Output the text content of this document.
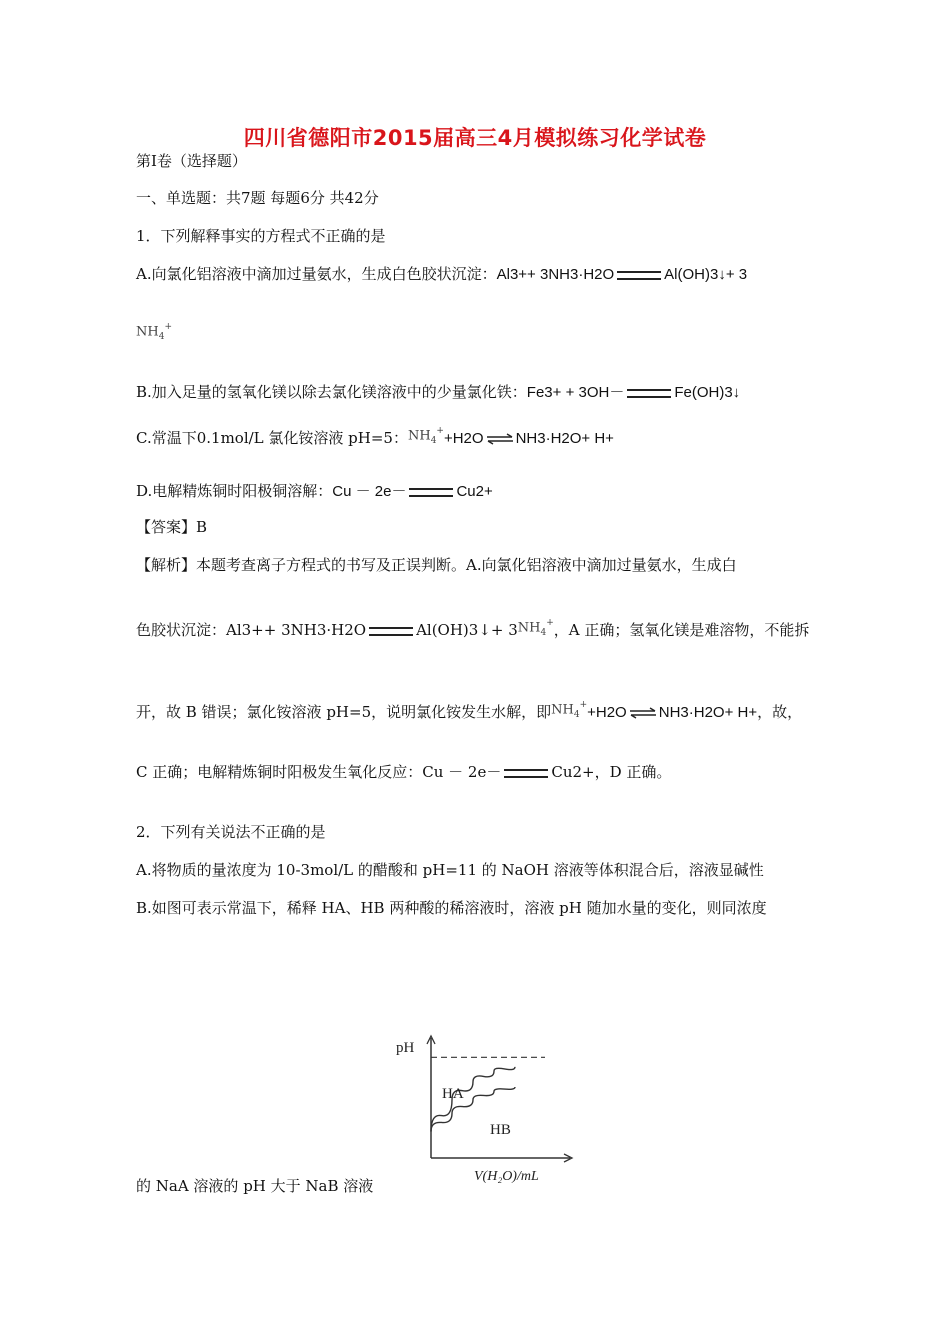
四川省德阳市2015届高三4月模拟练习化学试卷
第I卷（选择题）
一、单选题：共7题 每题6分 共42分
1．下列解释事实的方程式不正确的是
A.向氯化铝溶液中滴加过量氨水，生成白色胶状沉淀：Al3++ 3NH3·H2O	Al(OH)3↓+ 3
$NH_4^+$
B.加入足量的氢氧化镁以除去氯化镁溶液中的少量氯化铁：Fe3+ + 3OH－	Fe(OH)3↓
C.常温下0.1mol/L 氯化铵溶液 pH=5：$NH_4^++H2O$ ⇌ NH3·H2O+ H+
D.电解精炼铜时阳极铜溶解：Cu － 2e－	Cu2+
【答案】B
【解析】本题考查离子方程式的书写及正误判断。A.向氯化铝溶液中滴加过量氨水，生成白
色胶状沉淀：Al3++ 3NH3·H2O	Al(OH)3↓+ $3NH_4^+$，A 正确；氢氧化镁是难溶物，不能拆
开，故 B 错误；氯化铵溶液 pH=5，说明氯化铵发生水解，即$NH_4^++H2O$ ⇌ NH3·H2O+ H+，故，
C 正确；电解精炼铜时阳极发生氧化反应：Cu － 2e－	Cu2+，D 正确。
2．下列有关说法不正确的是
A.将物质的量浓度为 10-3mol/L 的醋酸和 pH=11 的 NaOH 溶液等体积混合后，溶液显碱性
B.如图可表示常温下，稀释 HA、HB 两种酸的稀溶液时，溶液 pH 随加水量的变化，则同浓度
的 NaA 溶液的 pH 大于 NaB 溶液
pH
V(H₂O)/mL
HA
HB
